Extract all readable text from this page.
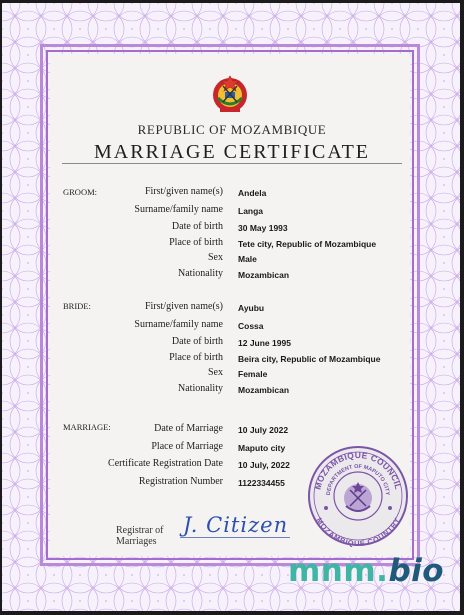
REPUBLIC OF MOZAMBIQUE
MARRIAGE CERTIFICATE
GROOM:	First/given name(s) Andela
Surname/family name Langa
Date of birth 30 May 1993
Place of birth Tete city, Republic of Mozambique
Sex Male
Nationality Mozambican
BRIDE:	First/given name(s) Ayubu
Surname/family name Cossa
Date of birth 12 June 1995
Place of birth Beira city, Republic of Mozambique
Sex Female
Nationality Mozambican
MARRIAGE:	Date of Marriage 10 July 2022
Place of Marriage Maputo city
Certificate Registration Date 10 July, 2022
Registration Number 1122334455
Registrar of
Marriages
J. Citizen
MOZAMBIQUE COUNCIL
DEPARTMENT OF MAPUTO CITY
MOZAMBIQUE COUNTRY
mnm.bio
